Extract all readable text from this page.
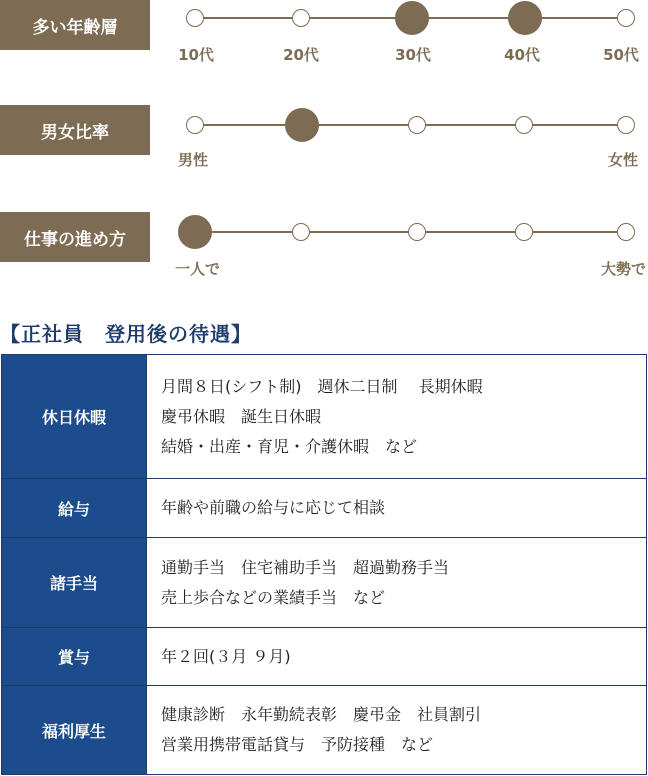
多い年齢層
10代	20代	30代	40代	50代
男女比率
男性	女性
仕事の進め方
一人で	大勢で
【正社員　登用後の待遇】
休日休暇	月間８日(シフト制)　週休二日制　 長期休暇
慶弔休暇　誕生日休暇
結婚・出産・育児・介護休暇　など

給与	年齢や前職の給与に応じて相談

諸手当	通勤手当　住宅補助手当　超過勤務手当
売上歩合などの業績手当　など

賞与	年２回(３月 ９月)

福利厚生	健康診断　永年勤続表彰　慶弔金　社員割引
営業用携帯電話貸与　予防接種　など
